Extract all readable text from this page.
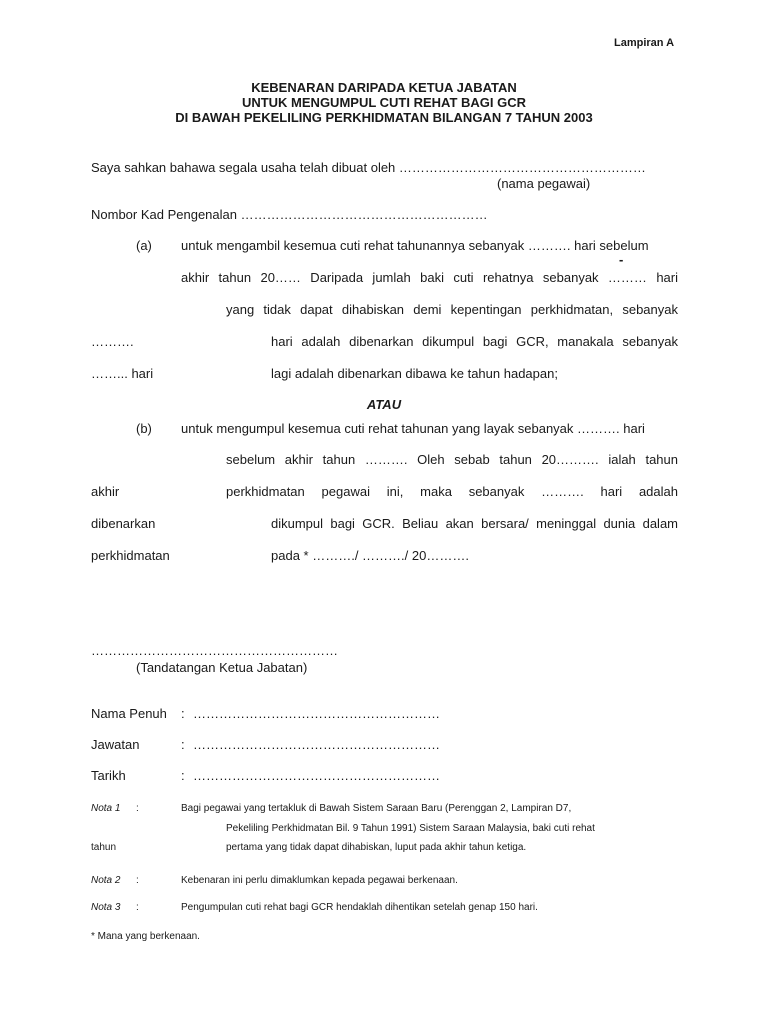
Lampiran A
KEBENARAN DARIPADA KETUA JABATAN
UNTUK MENGUMPUL CUTI REHAT BAGI GCR
DI BAWAH PEKELILING PERKHIDMATAN BILANGAN 7 TAHUN 2003
Saya sahkan bahawa segala usaha telah dibuat oleh …………………………………………………
(nama pegawai)
Nombor Kad Pengenalan …………………………………………………
(a) untuk mengambil kesemua cuti rehat tahunannya sebanyak ………. hari sebelum
-
akhir tahun 20…… Daripada jumlah baki cuti rehatnya sebanyak ……… hari
yang tidak dapat dihabiskan demi kepentingan perkhidmatan, sebanyak
……….	hari adalah dibenarkan dikumpul bagi GCR, manakala sebanyak
……... hari	lagi adalah dibenarkan dibawa ke tahun hadapan;
ATAU
(b) untuk mengumpul kesemua cuti rehat tahunan yang layak sebanyak ………. hari
sebelum akhir tahun ………. Oleh sebab tahun 20………. ialah tahun
akhir	perkhidmatan pegawai ini, maka sebanyak ………. hari adalah
dibenarkan	dikumpul bagi GCR. Beliau akan bersara/ meninggal dunia dalam
perkhidmatan	pada * ………./ ………./ 20……….
…………………………………………………
(Tandatangan Ketua Jabatan)
Nama Penuh : …………………………………………………
Jawatan	: …………………………………………………
Tarikh	: …………………………………………………
Nota 1 :	Bagi pegawai yang tertakluk di Bawah Sistem Saraan Baru (Perenggan 2, Lampiran D7,
Pekeliling Perkhidmatan Bil. 9 Tahun 1991) Sistem Saraan Malaysia, baki cuti rehat
tahun	pertama yang tidak dapat dihabiskan, luput pada akhir tahun ketiga.
Nota 2 :	Kebenaran ini perlu dimaklumkan kepada pegawai berkenaan.
Nota 3 :	Pengumpulan cuti rehat bagi GCR hendaklah dihentikan setelah genap 150 hari.
* Mana yang berkenaan.
